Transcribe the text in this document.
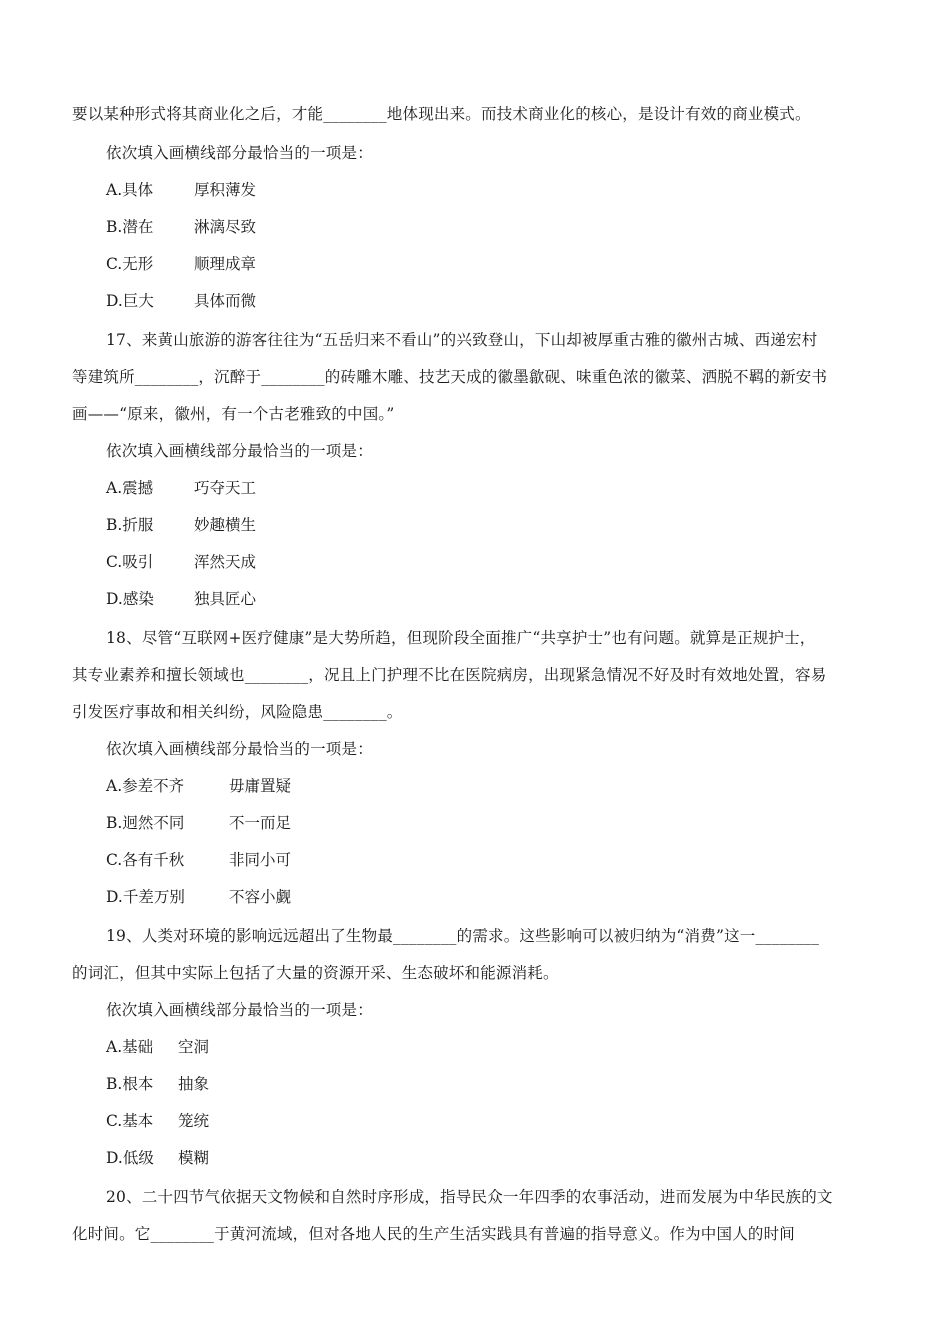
要以某种形式将其商业化之后，才能________地体现出来。而技术商业化的核心，是设计有效的商业模式。
依次填入画横线部分最恰当的一项是：
A.具体	厚积薄发
B.潜在	淋漓尽致
C.无形	顺理成章
D.巨大	具体而微
17、来黄山旅游的游客往往为“五岳归来不看山”的兴致登山，下山却被厚重古雅的徽州古城、西递宏村
等建筑所________，沉醉于________的砖雕木雕、技艺天成的徽墨歙砚、味重色浓的徽菜、洒脱不羁的新安书
画——“原来，徽州，有一个古老雅致的中国。”
依次填入画横线部分最恰当的一项是：
A.震撼	巧夺天工
B.折服	妙趣横生
C.吸引	浑然天成
D.感染	独具匠心
18、尽管“互联网+医疗健康”是大势所趋，但现阶段全面推广“共享护士”也有问题。就算是正规护士，
其专业素养和擅长领域也________，况且上门护理不比在医院病房，出现紧急情况不好及时有效地处置，容易
引发医疗事故和相关纠纷，风险隐患________。
依次填入画横线部分最恰当的一项是：
A.参差不齐	毋庸置疑
B.迥然不同	不一而足
C.各有千秋	非同小可
D.千差万别	不容小觑
19、人类对环境的影响远远超出了生物最________的需求。这些影响可以被归纳为“消费”这一________
的词汇，但其中实际上包括了大量的资源开采、生态破坏和能源消耗。
依次填入画横线部分最恰当的一项是：
A.基础 空洞
B.根本 抽象
C.基本 笼统
D.低级 模糊
20、二十四节气依据天文物候和自然时序形成，指导民众一年四季的农事活动，进而发展为中华民族的文
化时间。它________于黄河流域，但对各地人民的生产生活实践具有普遍的指导意义。作为中国人的时间
